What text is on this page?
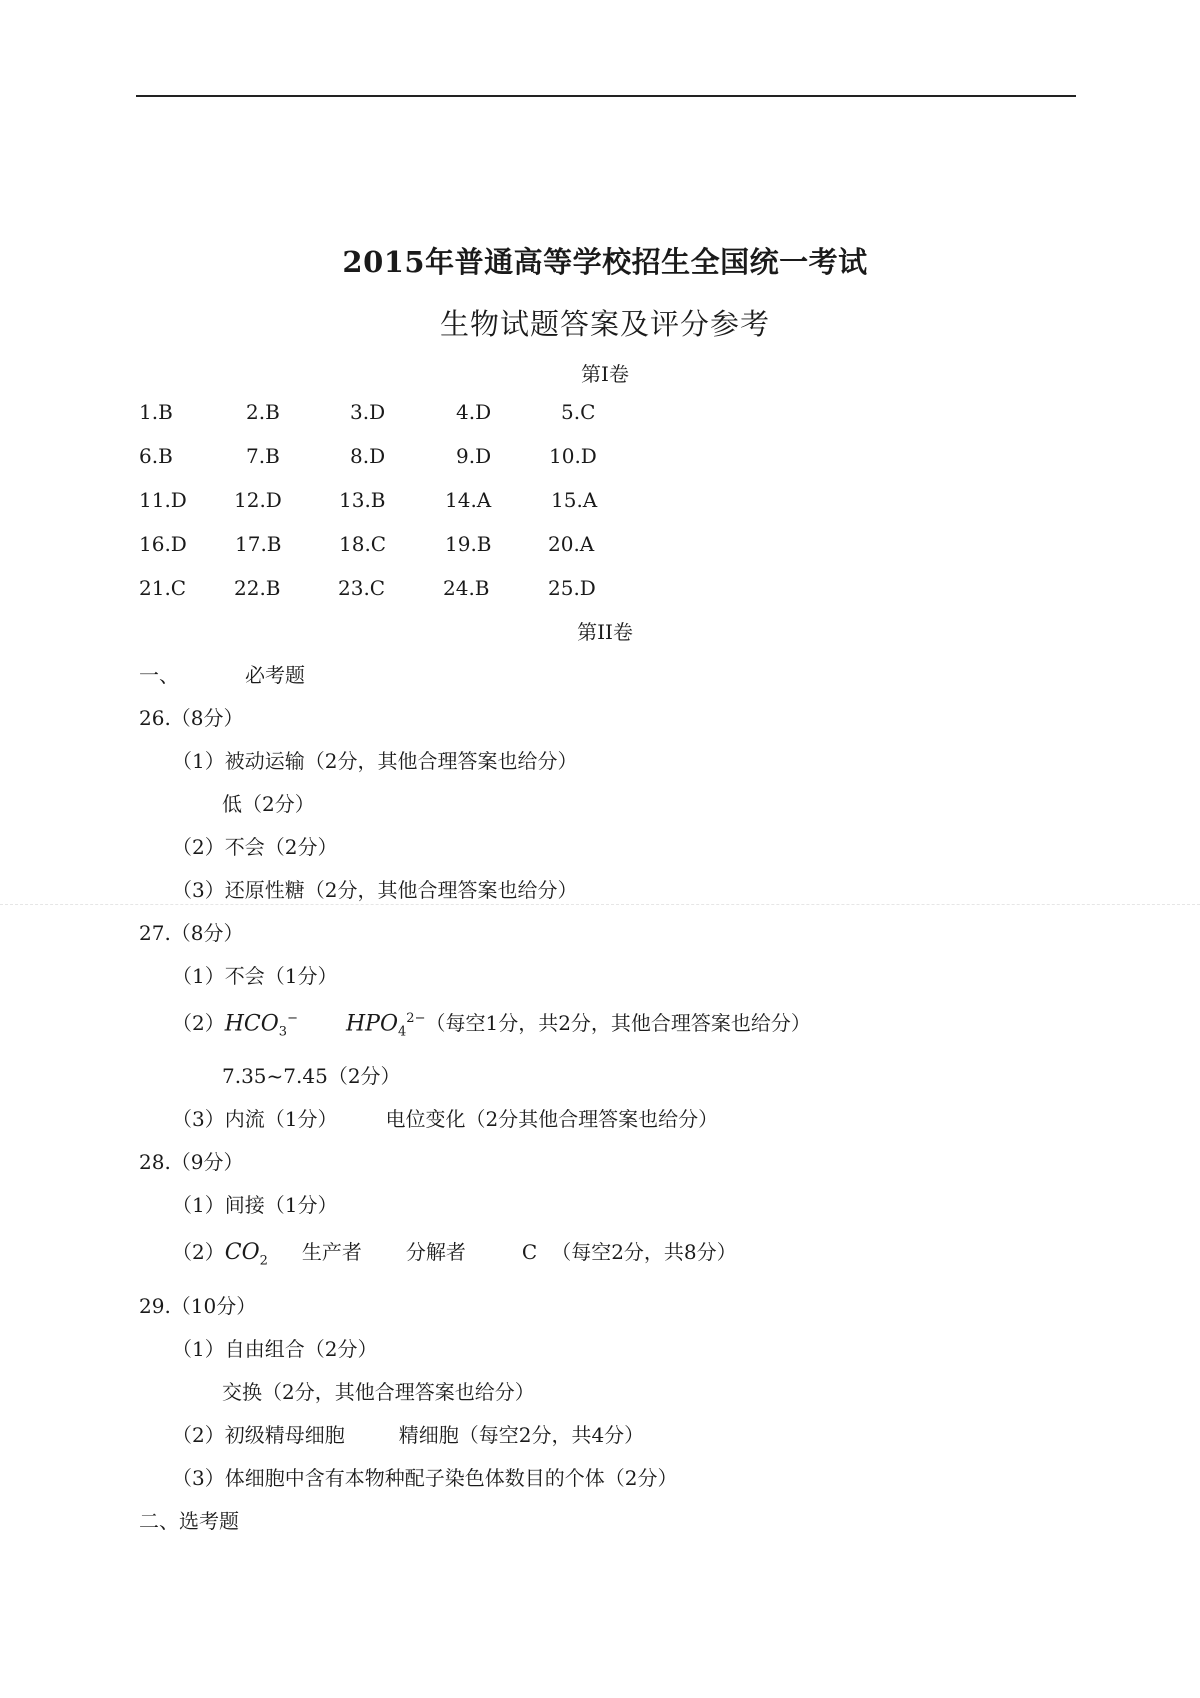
2015年普通高等学校招生全国统一考试
生物试题答案及评分参考
第I卷
1.B	2.B	3.D	4.D	5.C
6.B	7.B	8.D	9.D	10.D
11.D 12.D	13.B	14.A	15.A
16.D 17.B	18.C	19.B	20.A
21.C 22.B	23.C	24.B	25.D
第II卷
一、	必考题
26.（8分）
（1）被动运输（2分，其他合理答案也给分）
低（2分）
（2）不会（2分）
（3）还原性糖（2分，其他合理答案也给分）
27.（8分）
（1）不会（1分）
$(2)HCO_3^-$ $HPO_4^{2-}$（每空1分，共2分，其他合理答案也给分）
7.35~7.45（2分）
（3）内流（1分） 电位变化（2分其他合理答案也给分）
28.（9分）
（1）间接（1分）
$(2)CO_2$ 生产者 分解者	C （每空2分，共8分）
29.（10分）
（1）自由组合（2分）
交换（2分，其他合理答案也给分）
（2）初级精母细胞	精细胞（每空2分，共4分）
（3）体细胞中含有本物种配子染色体数目的个体（2分）
二、选考题
